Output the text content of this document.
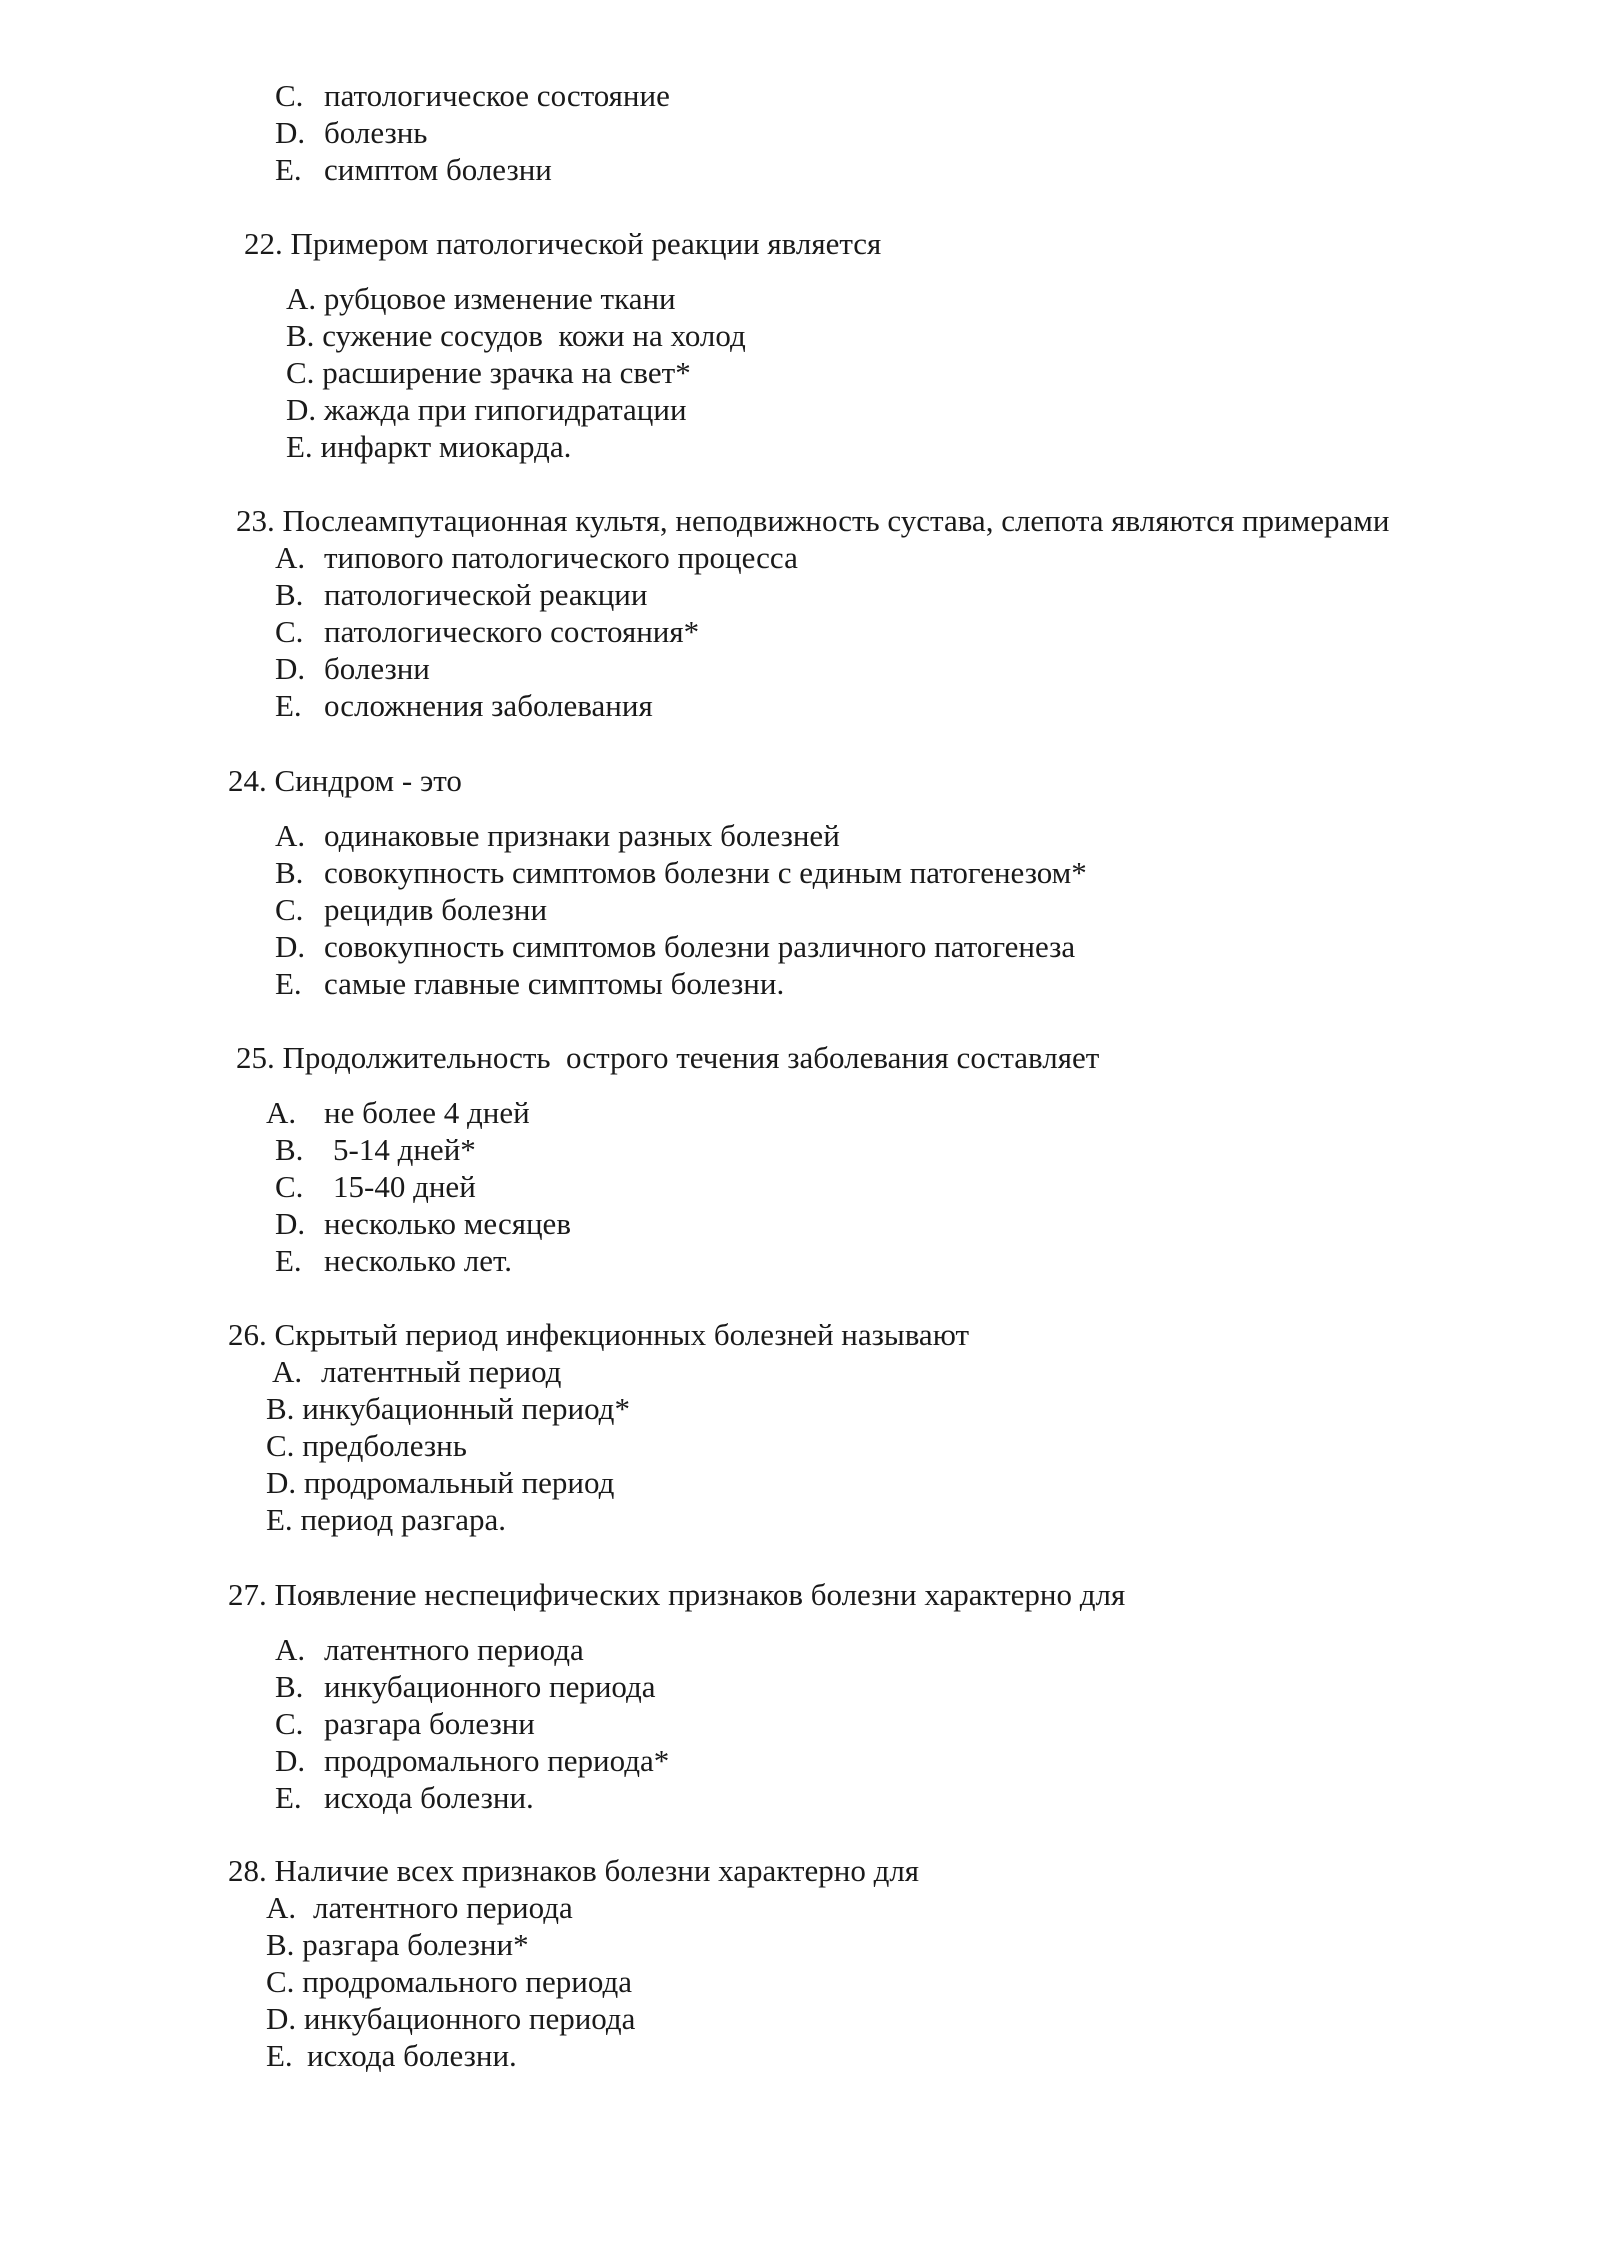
C. патологическое состояние
D. болезнь
E. симптом болезни
22. Примером патологической реакции является
A. рубцовое изменение ткани
B. сужение сосудов  кожи на холод
C. расширение зрачка на свет*
D. жажда при гипогидратации
E. инфаркт миокарда.
23. Послеампутационная культя, неподвижность сустава, слепота являются примерами
A. типового патологического процесса
B. патологической реакции
C. патологического состояния*
D. болезни
E. осложнения заболевания
24. Синдром - это
A. одинаковые признаки разных болезней
B. совокупность симптомов болезни с единым патогенезом*
C. рецидив болезни
D. совокупность симптомов болезни различного патогенеза
E. самые главные симптомы болезни.
25. Продолжительность  острого течения заболевания составляет
A. не более 4 дней
B. 5-14 дней*
C. 15-40 дней
D. несколько месяцев
E. несколько лет.
26. Скрытый период инфекционных болезней называют
A. латентный период
B. инкубационный период*
C. предболезнь
D. продромальный период
E. период разгара.
27. Появление неспецифических признаков болезни характерно для
A. латентного периода
B. инкубационного периода
C. разгара болезни
D. продромального периода*
E. исхода болезни.
28. Наличие всех признаков болезни характерно для
A. латентного периода
B. разгара болезни*
C. продромального периода
D. инкубационного периода
E. исхода болезни.
